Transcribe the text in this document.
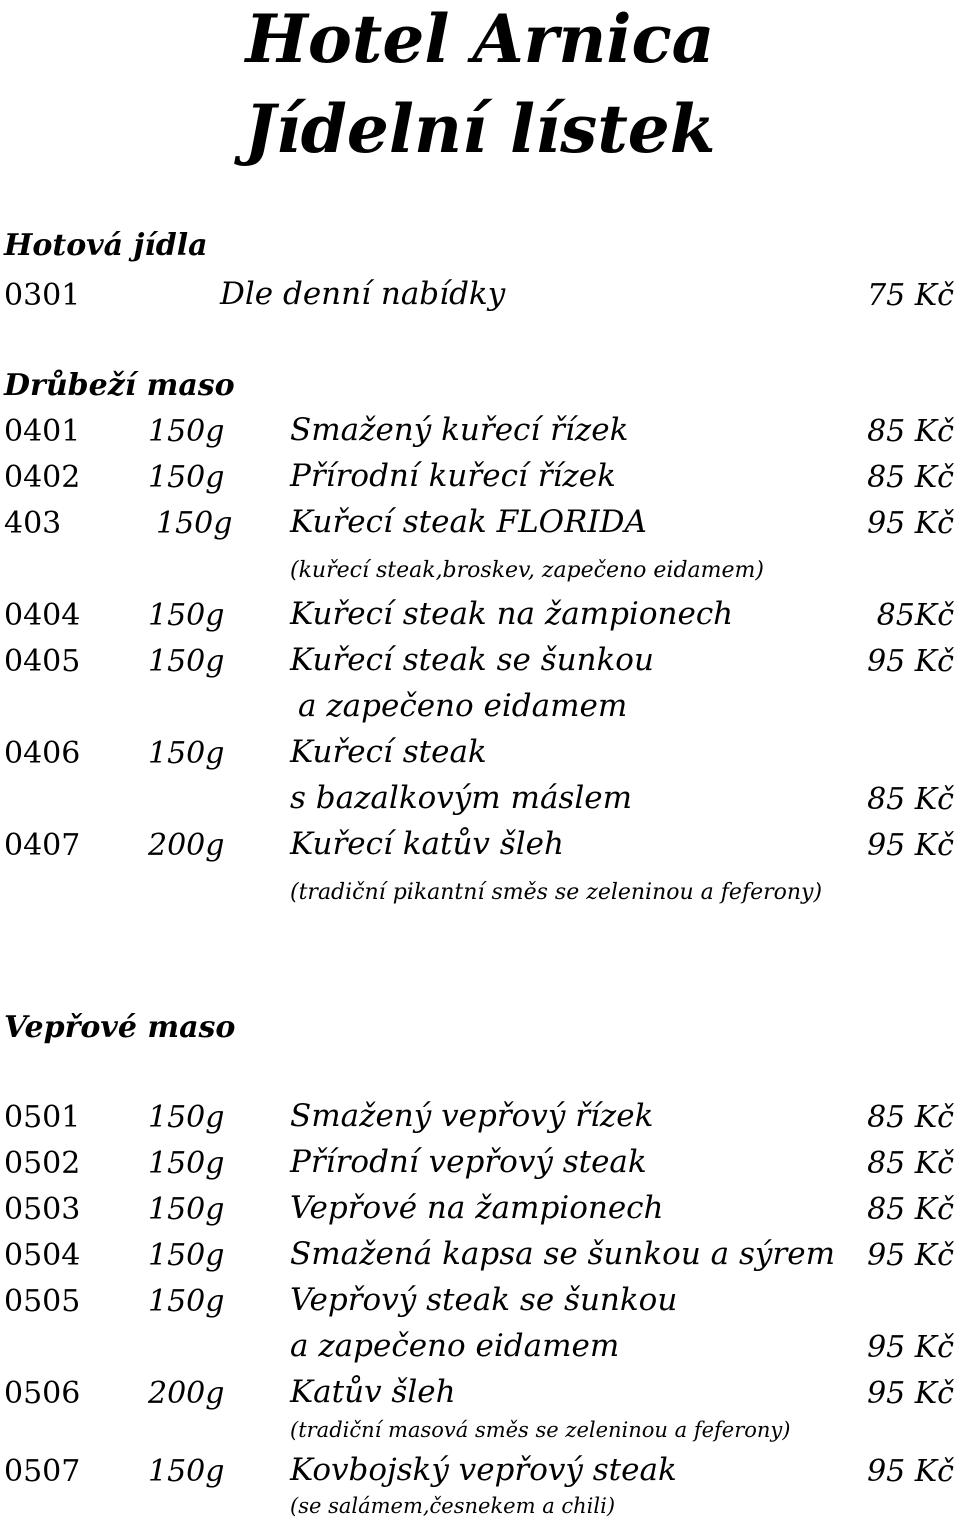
Hotel Arnica
Jídelní lístek
Hotová jídla
0301	Dle denní nabídky	75 Kč
Drůbeží maso
0401 150g Smažený kuřecí řízek	85 Kč
0402 150g Přírodní kuřecí řízek	85 Kč
403	150g Kuřecí steak FLORIDA	95 Kč
(kuřecí steak,broskev, zapečeno eidamem)
0404 150g Kuřecí steak na žampionech	85Kč
0405 150g Kuřecí steak se šunkou	95 Kč
a zapečeno eidamem
0406 150g Kuřecí steak
s bazalkovým máslem	85 Kč
0407 200g Kuřecí katův šleh	95 Kč
(tradiční pikantní směs se zeleninou a feferony)
Vepřové maso
0501 150g Smažený vepřový řízek	85 Kč
0502 150g Přírodní vepřový steak	85 Kč
0503 150g Vepřové na žampionech	85 Kč
0504 150g Smažená kapsa se šunkou a sýrem 95 Kč
0505 150g Vepřový steak se šunkou
a zapečeno eidamem	95 Kč
0506 200g Katův šleh	95 Kč
(tradiční masová směs se zeleninou a feferony)
0507 150g Kovbojský vepřový steak	95 Kč
(se salámem,česnekem a chili)
